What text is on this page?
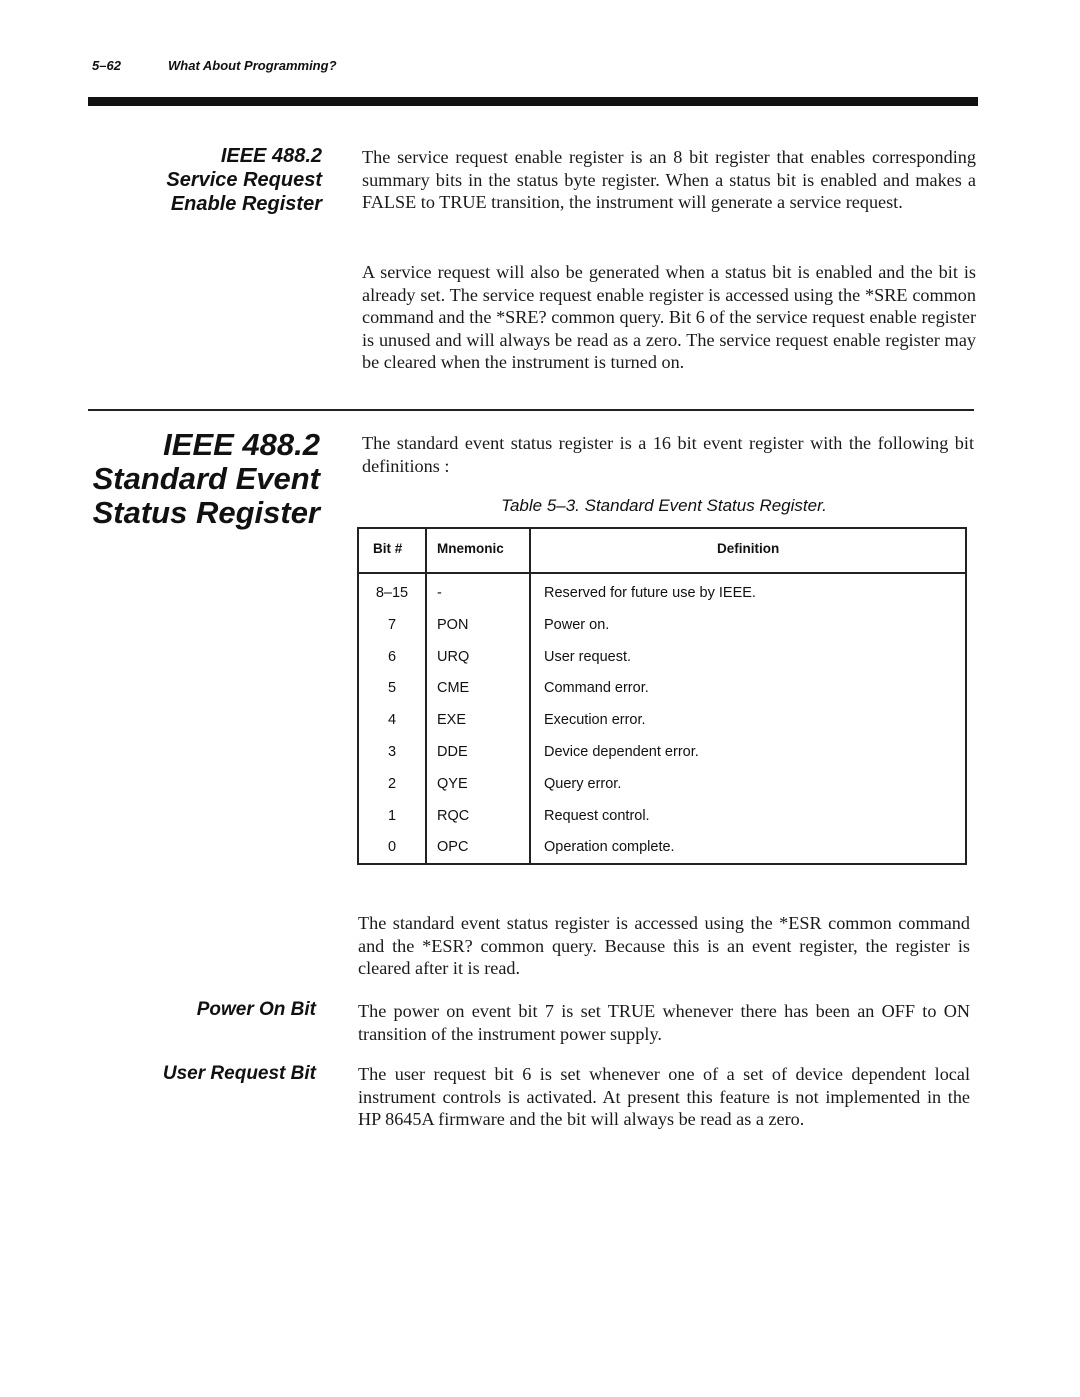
5–62	What About Programming?
IEEE 488.2
Service Request
Enable Register
The service request enable register is an 8 bit register that enables corresponding summary bits in the status byte register. When a status bit is enabled and makes a FALSE to TRUE transition, the instrument will generate a service request.
A service request will also be generated when a status bit is enabled and the bit is already set. The service request enable register is accessed using the *SRE common command and the *SRE? common query. Bit 6 of the service request enable register is unused and will always be read as a zero. The service request enable register may be cleared when the instrument is turned on.
IEEE 488.2
Standard Event
Status Register
The standard event status register is a 16 bit event register with the following bit definitions :
Table 5–3. Standard Event Status Register.
Bit #	Mnemonic	Definition
8–15	-	Reserved for future use by IEEE.
7	PON	Power on.
6	URQ	User request.
5	CME	Command error.
4	EXE	Execution error.
3	DDE	Device dependent error.
2	QYE	Query error.
1	RQC	Request control.
0	OPC	Operation complete.
The standard event status register is accessed using the *ESR common command and the *ESR? common query. Because this is an event register, the register is cleared after it is read.
Power On Bit The power on event bit 7 is set TRUE whenever there has been an OFF to ON transition of the instrument power supply.
User Request Bit The user request bit 6 is set whenever one of a set of device dependent local instrument controls is activated. At present this feature is not implemented in the HP 8645A firmware and the bit will always be read as a zero.
